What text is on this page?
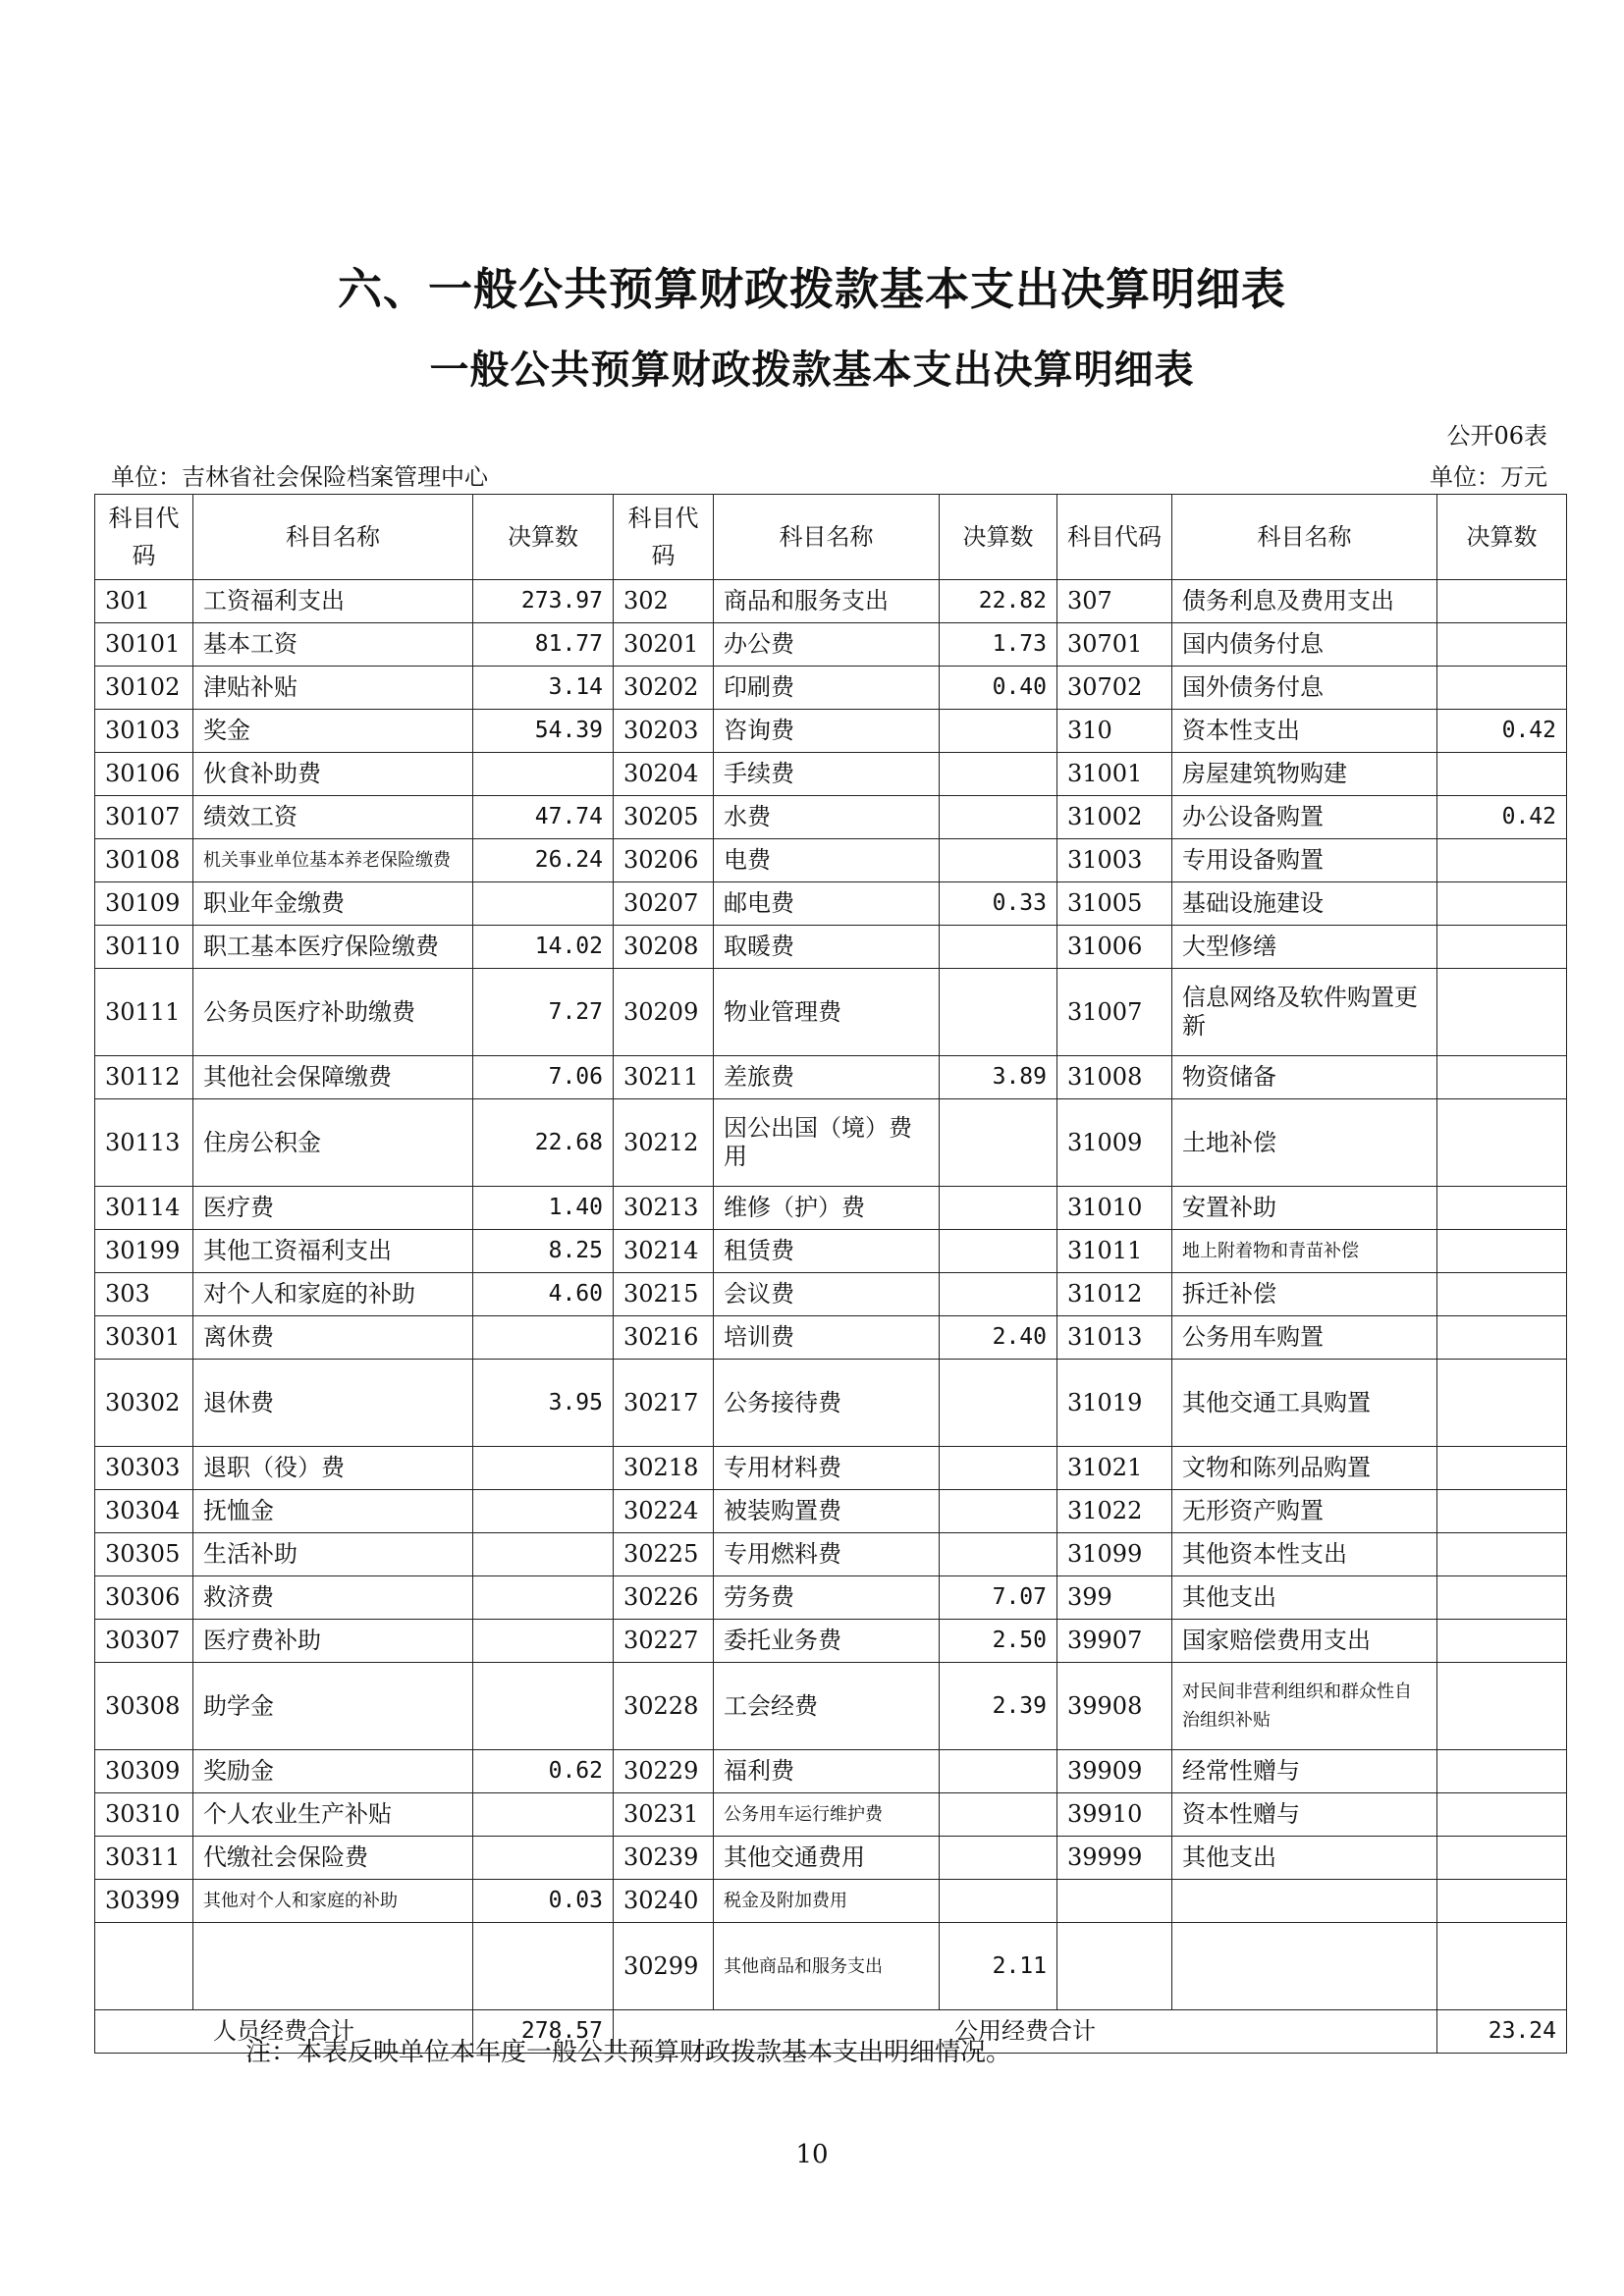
六、一般公共预算财政拨款基本支出决算明细表
一般公共预算财政拨款基本支出决算明细表
公开06表
单位：吉林省社会保险档案管理中心	单位：万元
科目代码	科目名称	决算数	科目代码	科目名称	决算数	科目代码	科目名称	决算数
301	工资福利支出	273.97	302	商品和服务支出	22.82	307	债务利息及费用支出	
30101	基本工资	81.77	30201	办公费	1.73	30701	国内债务付息	
30102	津贴补贴	3.14	30202	印刷费	0.40	30702	国外债务付息	
30103	奖金	54.39	30203	咨询费		310	资本性支出	0.42
30106	伙食补助费		30204	手续费		31001	房屋建筑物购建	
30107	绩效工资	47.74	30205	水费		31002	办公设备购置	0.42
30108	机关事业单位基本养老保险缴费	26.24	30206	电费		31003	专用设备购置	
30109	职业年金缴费		30207	邮电费	0.33	31005	基础设施建设	
30110	职工基本医疗保险缴费	14.02	30208	取暖费		31006	大型修缮	
30111	公务员医疗补助缴费	7.27	30209	物业管理费		31007	信息网络及软件购置更新	
30112	其他社会保障缴费	7.06	30211	差旅费	3.89	31008	物资储备	
30113	住房公积金	22.68	30212	因公出国（境）费用		31009	土地补偿	
30114	医疗费	1.40	30213	维修（护）费		31010	安置补助	
30199	其他工资福利支出	8.25	30214	租赁费		31011	地上附着物和青苗补偿	
303	对个人和家庭的补助	4.60	30215	会议费		31012	拆迁补偿	
30301	离休费		30216	培训费	2.40	31013	公务用车购置	
30302	退休费	3.95	30217	公务接待费		31019	其他交通工具购置	
30303	退职（役）费		30218	专用材料费		31021	文物和陈列品购置	
30304	抚恤金		30224	被装购置费		31022	无形资产购置	
30305	生活补助		30225	专用燃料费		31099	其他资本性支出	
30306	救济费		30226	劳务费	7.07	399	其他支出	
30307	医疗费补助		30227	委托业务费	2.50	39907	国家赔偿费用支出	
30308	助学金		30228	工会经费	2.39	39908	对民间非营利组织和群众性自治组织补贴	
30309	奖励金	0.62	30229	福利费		39909	经常性赠与	
30310	个人农业生产补贴		30231	公务用车运行维护费		39910	资本性赠与	
30311	代缴社会保险费		30239	其他交通费用		39999	其他支出	
30399	其他对个人和家庭的补助	0.03	30240	税金及附加费用				
			30299	其他商品和服务支出	2.11			
人员经费合计		278.57	公用经费合计					23.24
注：本表反映单位本年度一般公共预算财政拨款基本支出明细情况。
10
